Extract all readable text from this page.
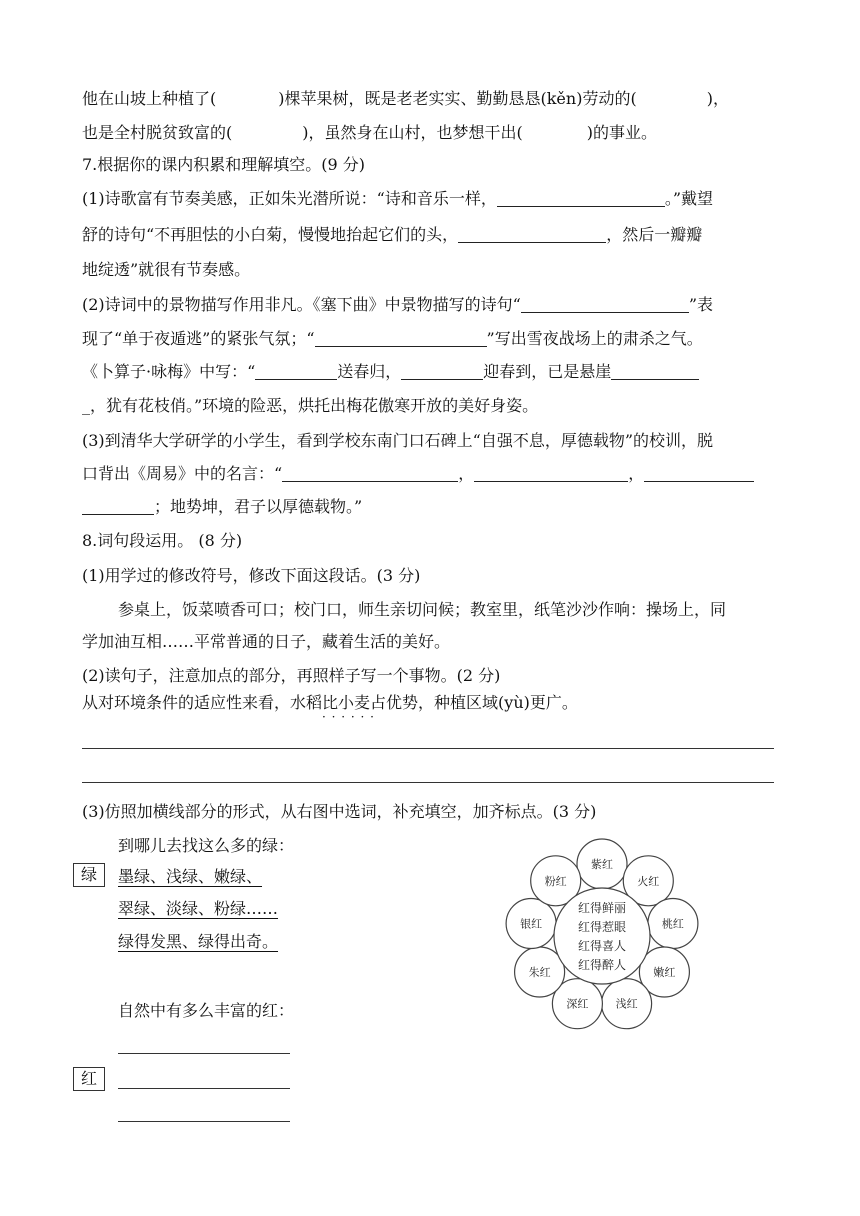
他在山坡上种植了(	)棵苹果树，既是老老实实、勤勤恳恳(kěn)劳动的(	)，
也是全村脱贫致富的(	)，虽然身在山村，也梦想干出(	)的事业。
7.根据你的课内积累和理解填空。(9 分)
(1)诗歌富有节奏美感，正如朱光潜所说：“诗和音乐一样，	。”戴望
舒的诗句“不再胆怯的小白菊，慢慢地抬起它们的头，	，然后一瓣瓣
地绽透”就很有节奏感。
(2)诗词中的景物描写作用非凡。《塞下曲》中景物描写的诗句“	”表
现了“单于夜遁逃”的紧张气氛；“	”写出雪夜战场上的肃杀之气。
《卜算子·咏梅》中写：“	送春归，	迎春到，已是悬崖
_，犹有花枝俏。”环境的险恶，烘托出梅花傲寒开放的美好身姿。
(3)到清华大学研学的小学生，看到学校东南门口石碑上“自强不息，厚德载物”的校训，脱
口背出《周易》中的名言：“	，	，
；地势坤，君子以厚德载物。”
8.词句段运用。 (8 分)
(1)用学过的修改符号，修改下面这段话。(3 分)
参桌上，饭菜喷香可口；校门口，师生亲切问候；教室里，纸笔沙沙作响：操场上，同
学加油互相……平常普通的日子，藏着生活的美好。
(2)读句子，注意加点的部分，再照样子写一个事物。(2 分)
从对环境条件的适应性来看，水稻比小麦占优势 · · ·，种植区域(yù)更广。
(3)仿照加横线部分的形式，从右图中选词，补充填空，加齐标点。(3 分)
到哪儿去找这么多的绿：
绿	墨绿、浅绿、嫩绿、
翠绿、淡绿、粉绿……
绿得发黑、绿得出奇。
自然中有多么丰富的红：
红
紫红
火红
桃红
嫩红
浅红
深红
朱红
银红
粉红
红得鲜丽
红得惹眼
红得喜人
红得醉人
